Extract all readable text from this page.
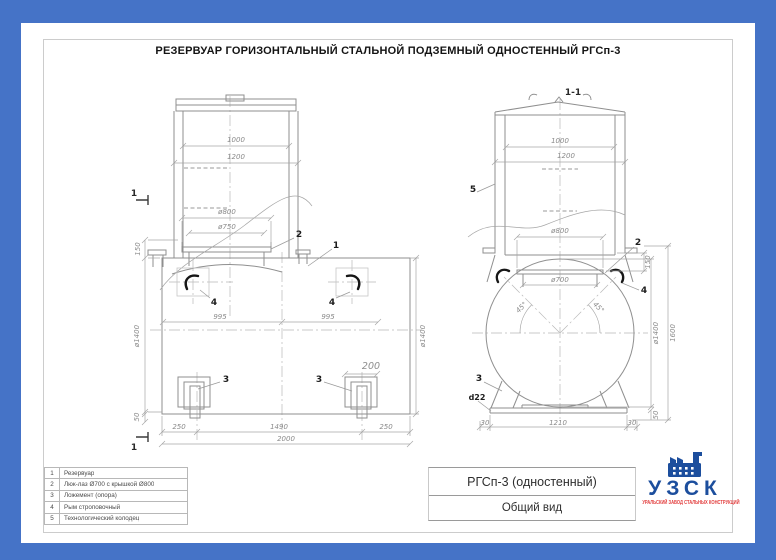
РЕЗЕРВУАР ГОРИЗОНТАЛЬНЫЙ СТАЛЬНОЙ ПОДЗЕМНЫЙ ОДНОСТЕННЫЙ РГСп-3
1
1
1000
1200
ø800
ø750
150
995	995
ø1400	ø1400
200
50
250	1490	250
2000
2
1
4	4
3	3
1-1
1000
1200
ø800
ø700
150
45°	45°
ø1400 1600
50
30	1210	30
5
2
4
3
d22
1	Резервуар
2	Люк-лаз Ø700 с крышкой Ø800
3	Ложемент (опора)
4	Рым строповочный
5	Технологический колодец
РГСп-3 (одностенный)
Общий вид
УЗСК
УРАЛЬСКИЙ ЗАВОД СТАЛЬНЫХ КОНСТРУКЦИЙ
